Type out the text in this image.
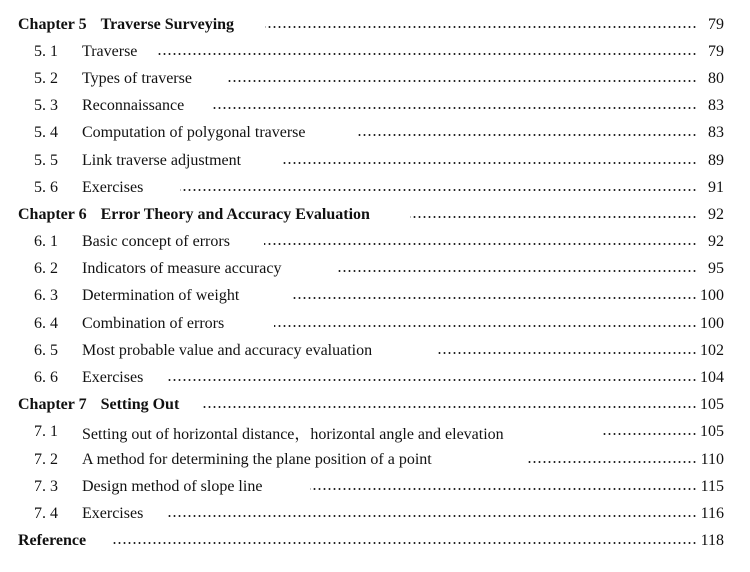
Chapter 5 Traverse Surveying	79
5. 1	Traverse	79
5. 2	Types of traverse	80
5. 3	Reconnaissance	83
5. 4	Computation of polygonal traverse	83
5. 5	Link traverse adjustment	89
5. 6	Exercises	91
Chapter 6 Error Theory and Accuracy Evaluation	92
6. 1	Basic concept of errors	92
6. 2	Indicators of measure accuracy	95
6. 3	Determination of weight	100
6. 4	Combination of errors	100
6. 5	Most probable value and accuracy evaluation	102
6. 6	Exercises	104
Chapter 7 Setting Out	105
7. 1	Setting out of horizontal distance，horizontal angle and elevation	105
7. 2	A method for determining the plane position of a point	110
7. 3	Design method of slope line	115
7. 4	Exercises	116
Reference	118
